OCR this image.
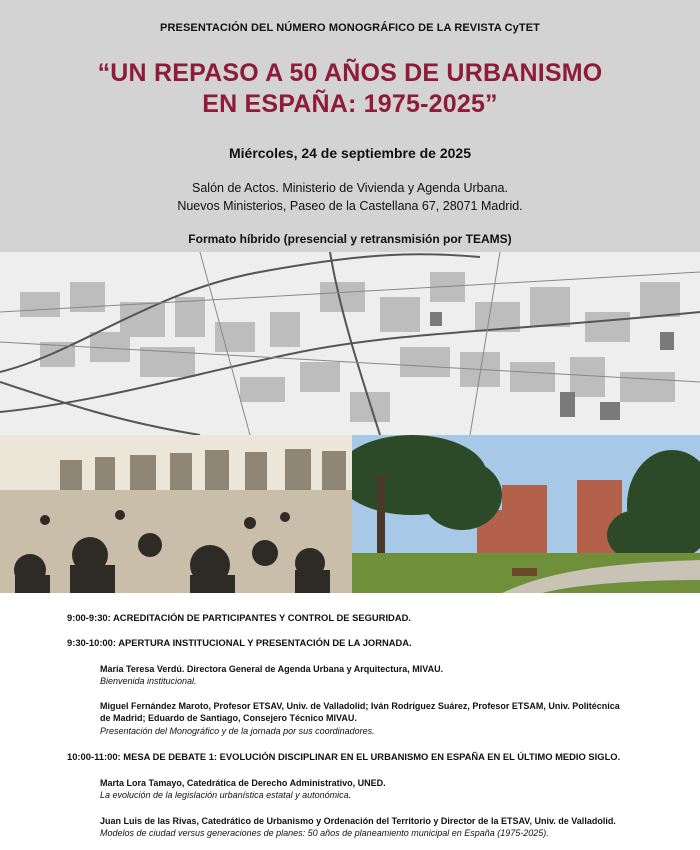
PRESENTACIÓN DEL NÚMERO MONOGRÁFICO DE LA REVISTA CyTET
“UN REPASO A 50 AÑOS DE URBANISMO
EN ESPAÑA: 1975-2025”
Miércoles, 24 de septiembre de 2025
Salón de Actos. Ministerio de Vivienda y Agenda Urbana.
Nuevos Ministerios, Paseo de la Castellana 67, 28071 Madrid.
Formato híbrido (presencial y retransmisión por TEAMS)
9:00-9:30: ACREDITACIÓN DE PARTICIPANTES Y CONTROL DE SEGURIDAD.
9:30-10:00: APERTURA INSTITUCIONAL Y PRESENTACIÓN DE LA JORNADA.
María Teresa Verdú. Directora General de Agenda Urbana y Arquitectura, MIVAU.
Bienvenida institucional.
Miguel Fernández Maroto, Profesor ETSAV, Univ. de Valladolid; Iván Rodríguez Suárez, Profesor ETSAM, Univ. Politécnica
de Madrid; Eduardo de Santiago, Consejero Técnico MIVAU.
Presentación del Monográfico y de la jornada por sus coordinadores.
10:00-11:00: MESA DE DEBATE 1: EVOLUCIÓN DISCIPLINAR EN EL URBANISMO EN ESPAÑA EN EL ÚLTIMO MEDIO SIGLO.
Marta Lora Tamayo, Catedrática de Derecho Administrativo, UNED.
La evolución de la legislación urbanística estatal y autonómica.
Juan Luis de las Rivas, Catedrático de Urbanismo y Ordenación del Territorio y Director de la ETSAV, Univ. de Valladolid.
Modelos de ciudad versus generaciones de planes: 50 años de planeamiento municipal en España (1975-2025).
